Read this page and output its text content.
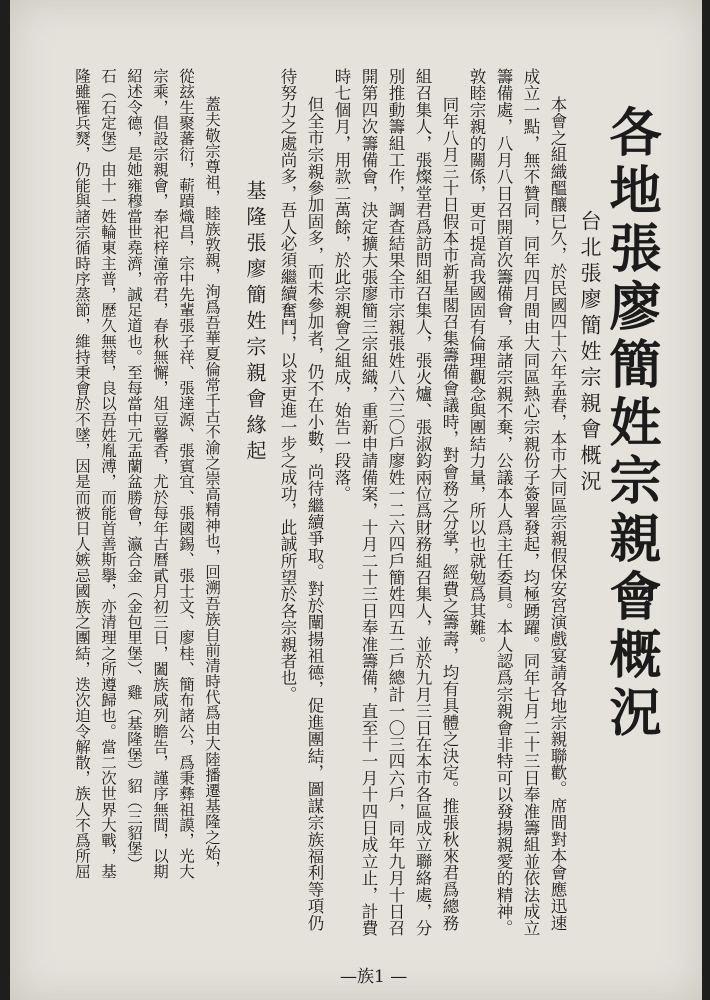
各地張廖簡姓宗親會概況
台北張廖簡姓宗親會概況
本會之組織醞釀已久，於民國四十六年孟春，本市大同區宗親假保安宮演戲宴請各地宗親聯歡。席間對本會應迅速
成立一點，無不贊同，同年四月間由大同區熱心宗親份子簽署發起，均極踴躍。同年七月二十三日奉准籌組並依法成立
籌備處，八月八日召開首次籌備會，承諸宗親不棄，公議本人爲主任委員。本人認爲宗親會非特可以發揚親愛的精神。
敦睦宗親的關係，更可提高我國固有倫理觀念與團結力量，所以也就勉爲其難。
同年八月三十日假本市新星閣召集籌備會議時，對會務之分掌，經費之籌壽，均有具體之決定。推張秋來君爲總務
組召集人，張燦堂君爲訪問組召集人，張火爐、張淑鈞兩位爲財務組召集人，並於九月三日在本市各區成立聯絡處，分
別推動籌組工作，調查結果全市宗親張姓八六三〇戶廖姓一二六四戶簡姓四五二戶總計一〇三四六戶，同年九月十日召
開第四次籌備會，決定擴大張廖簡三宗組織，重新申請備案，十月二十三日奉准籌備，直至十一月十四日成立止，計費
時七個月，用款二萬餘，於此宗親會之組成，始告一段落。
但全市宗親參加固多，而未參加者，仍不在小數，尚待繼續爭取。對於闡揚祖德，促進團結，圖謀宗族福利等項仍
待努力之處尚多，吾人必須繼續奮鬥，以求更進一步之成功，此誠所望於各宗親者也。
基隆張廖簡姓宗親會緣起
蓋夫敬宗尊祖，睦族敦親，洵爲吾華夏倫常千古不渝之崇高精神也，回溯吾族自前清時代爲由大陸播遷基隆之始，
從玆生聚蕃衍，蔪蹟熾昌，宗中先輩張子祥、張達源、張賓宜、張國錫、張士文、廖桂、簡布諸公，爲秉彝祖謨，光大
宗乘，倡設宗親會，奉祀梓潼帝君，春秋無懈，俎豆馨香，尤於每年古曆貳月初三日，闔族咸列瞻告，謹序無間，以期
紹述令德，是她雍穆當世堯濟，誠足道也。至每當中元盂蘭盆勝會，瀛合金（金包里堡）、雞（基隆堡）貂（三貂堡）
石（石定堡）由十一姓輪東主普，歷久無替，良以吾姓胤溥，而能首善斯擧，亦清理之所遵歸也。當二次世界大戰，基
隆雖罹兵燹，仍能與諸宗循時序蒸節，維持秉會於不墜，因是而被日人嫉忌國族之團結，迭次迫令解散，族人不爲所屈
—族1 —
